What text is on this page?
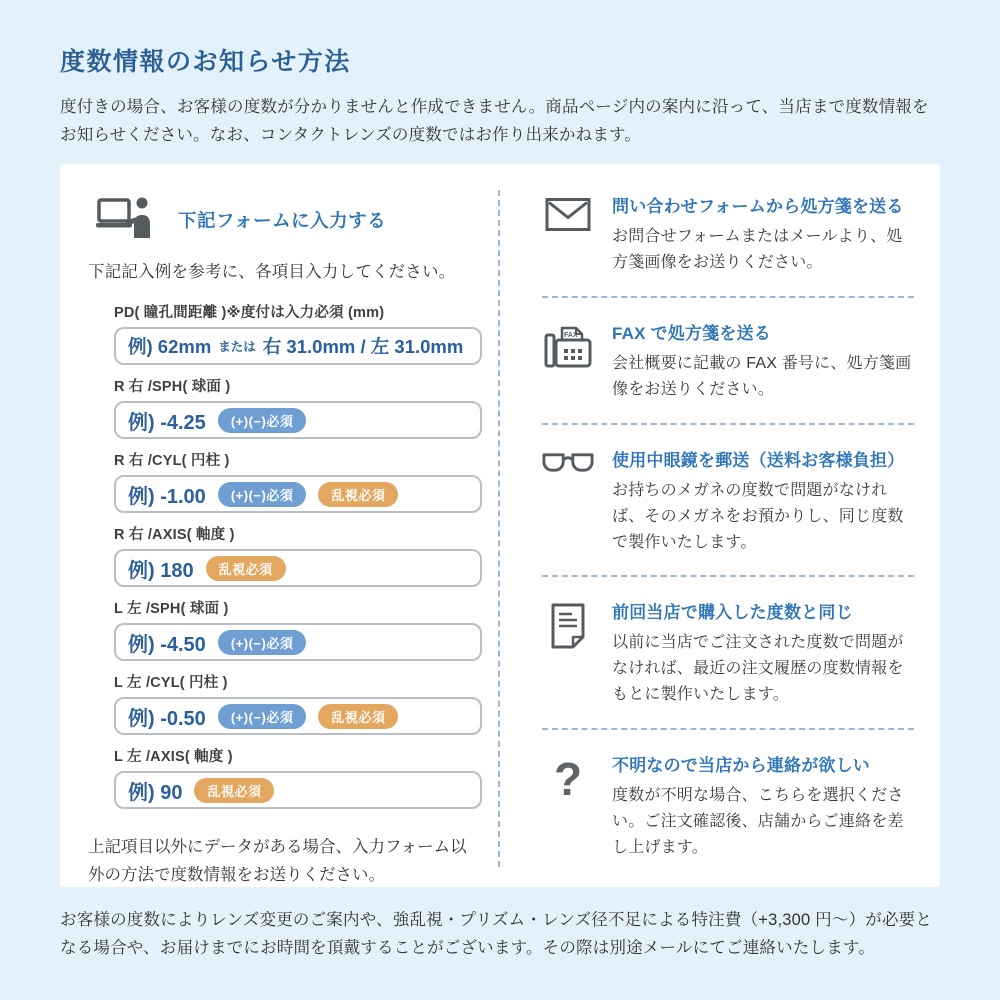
度数情報のお知らせ方法

度付きの場合、お客様の度数が分かりませんと作成できません。商品ページ内の案内に沿って、当店まで度数情報をお知らせください。なお、コンタクトレンズの度数ではお作り出来かねます。

下記フォームに入力する

下記記入例を参考に、各項目入力してください。

PD( 瞳孔間距離 )※度付は入力必須 (mm)
例) 62mm または 右 31.0mm / 左 31.0mm
R 右 /SPH( 球面 )
例) -4.25	(+)(−)必須
R 右 /CYL( 円柱 )
例) -1.00	(+)(−)必須	乱視必須
R 右 /AXIS( 軸度 )
例) 180	乱視必須
L 左 /SPH( 球面 )
例) -4.50	(+)(−)必須
L 左 /CYL( 円柱 )
例) -0.50	(+)(−)必須	乱視必須
L 左 /AXIS( 軸度 )
例) 90	乱視必須

上記項目以外にデータがある場合、入力フォーム以外の方法で度数情報をお送りください。

問い合わせフォームから処方箋を送る
お問合せフォームまたはメールより、処方箋画像をお送りください。
FAX FAX で処方箋を送る
会社概要に記載の FAX 番号に、処方箋画像をお送りください。
使用中眼鏡を郵送（送料お客様負担）
お持ちのメガネの度数で問題がなければ、そのメガネをお預かりし、同じ度数で製作いたします。
前回当店で購入した度数と同じ
以前に当店でご注文された度数で問題がなければ、最近の注文履歴の度数情報をもとに製作いたします。
? 不明なので当店から連絡が欲しい
度数が不明な場合、こちらを選択ください。ご注文確認後、店舗からご連絡を差し上げます。

お客様の度数によりレンズ変更のご案内や、強乱視・プリズム・レンズ径不足による特注費（+3,300 円〜）が必要となる場合や、お届けまでにお時間を頂戴することがございます。その際は別途メールにてご連絡いたします。
